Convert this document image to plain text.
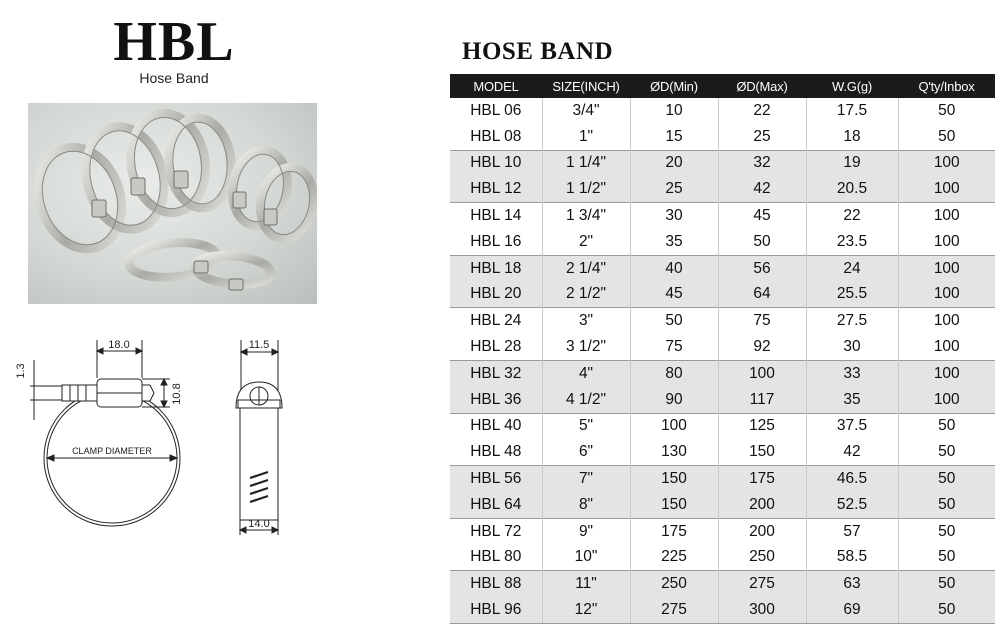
HBL
Hose Band
18.0
1.3
10.8
CLAMP DIAMETER
11.5
14.0
HOSE BAND
MODEL	SIZE(INCH)	ØD(Min)	ØD(Max)	W.G(g)	Q'ty/Inbox
HBL 06	3/4"	10	22	17.5	50
HBL 08	1"	15	25	18	50
HBL 10	1 1/4"	20	32	19	100
HBL 12	1 1/2"	25	42	20.5	100
HBL 14	1 3/4"	30	45	22	100
HBL 16	2"	35	50	23.5	100
HBL 18	2 1/4"	40	56	24	100
HBL 20	2 1/2"	45	64	25.5	100
HBL 24	3"	50	75	27.5	100
HBL 28	3 1/2"	75	92	30	100
HBL 32	4"	80	100	33	100
HBL 36	4 1/2"	90	117	35	100
HBL 40	5"	100	125	37.5	50
HBL 48	6"	130	150	42	50
HBL 56	7"	150	175	46.5	50
HBL 64	8"	150	200	52.5	50
HBL 72	9"	175	200	57	50
HBL 80	10"	225	250	58.5	50
HBL 88	11"	250	275	63	50
HBL 96	12"	275	300	69	50
